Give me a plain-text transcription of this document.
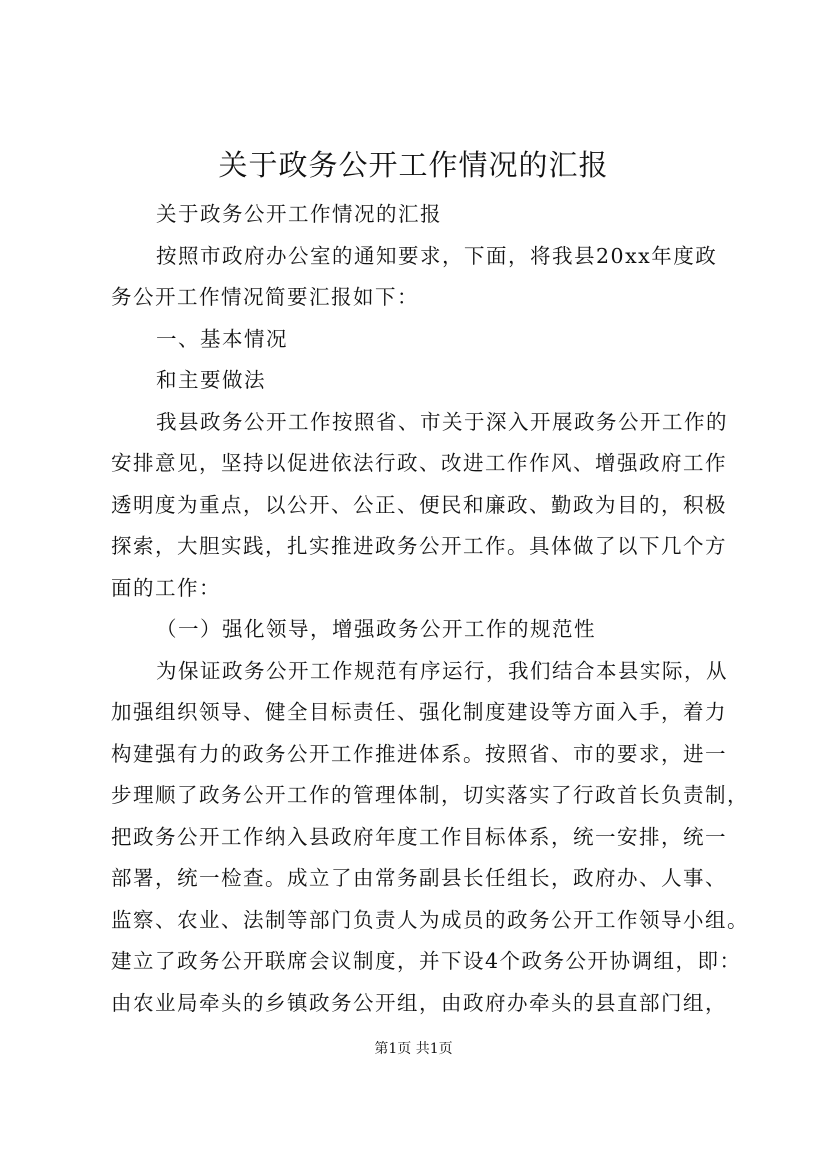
关于政务公开工作情况的汇报
关于政务公开工作情况的汇报
按照市政府办公室的通知要求，下面，将我县20xx年度政
务公开工作情况简要汇报如下：
一、基本情况
和主要做法
我县政务公开工作按照省、市关于深入开展政务公开工作的
安排意见，坚持以促进依法行政、改进工作作风、增强政府工作
透明度为重点，以公开、公正、便民和廉政、勤政为目的，积极
探索，大胆实践，扎实推进政务公开工作。具体做了以下几个方
面的工作：
（一）强化领导，增强政务公开工作的规范性
为保证政务公开工作规范有序运行，我们结合本县实际，从
加强组织领导、健全目标责任、强化制度建设等方面入手，着力
构建强有力的政务公开工作推进体系。按照省、市的要求，进一
步理顺了政务公开工作的管理体制，切实落实了行政首长负责制，
把政务公开工作纳入县政府年度工作目标体系，统一安排，统一
部署，统一检查。成立了由常务副县长任组长，政府办、人事、
监察、农业、法制等部门负责人为成员的政务公开工作领导小组。
建立了政务公开联席会议制度，并下设4个政务公开协调组，即：
由农业局牵头的乡镇政务公开组，由政府办牵头的县直部门组，
第1页 共1页
